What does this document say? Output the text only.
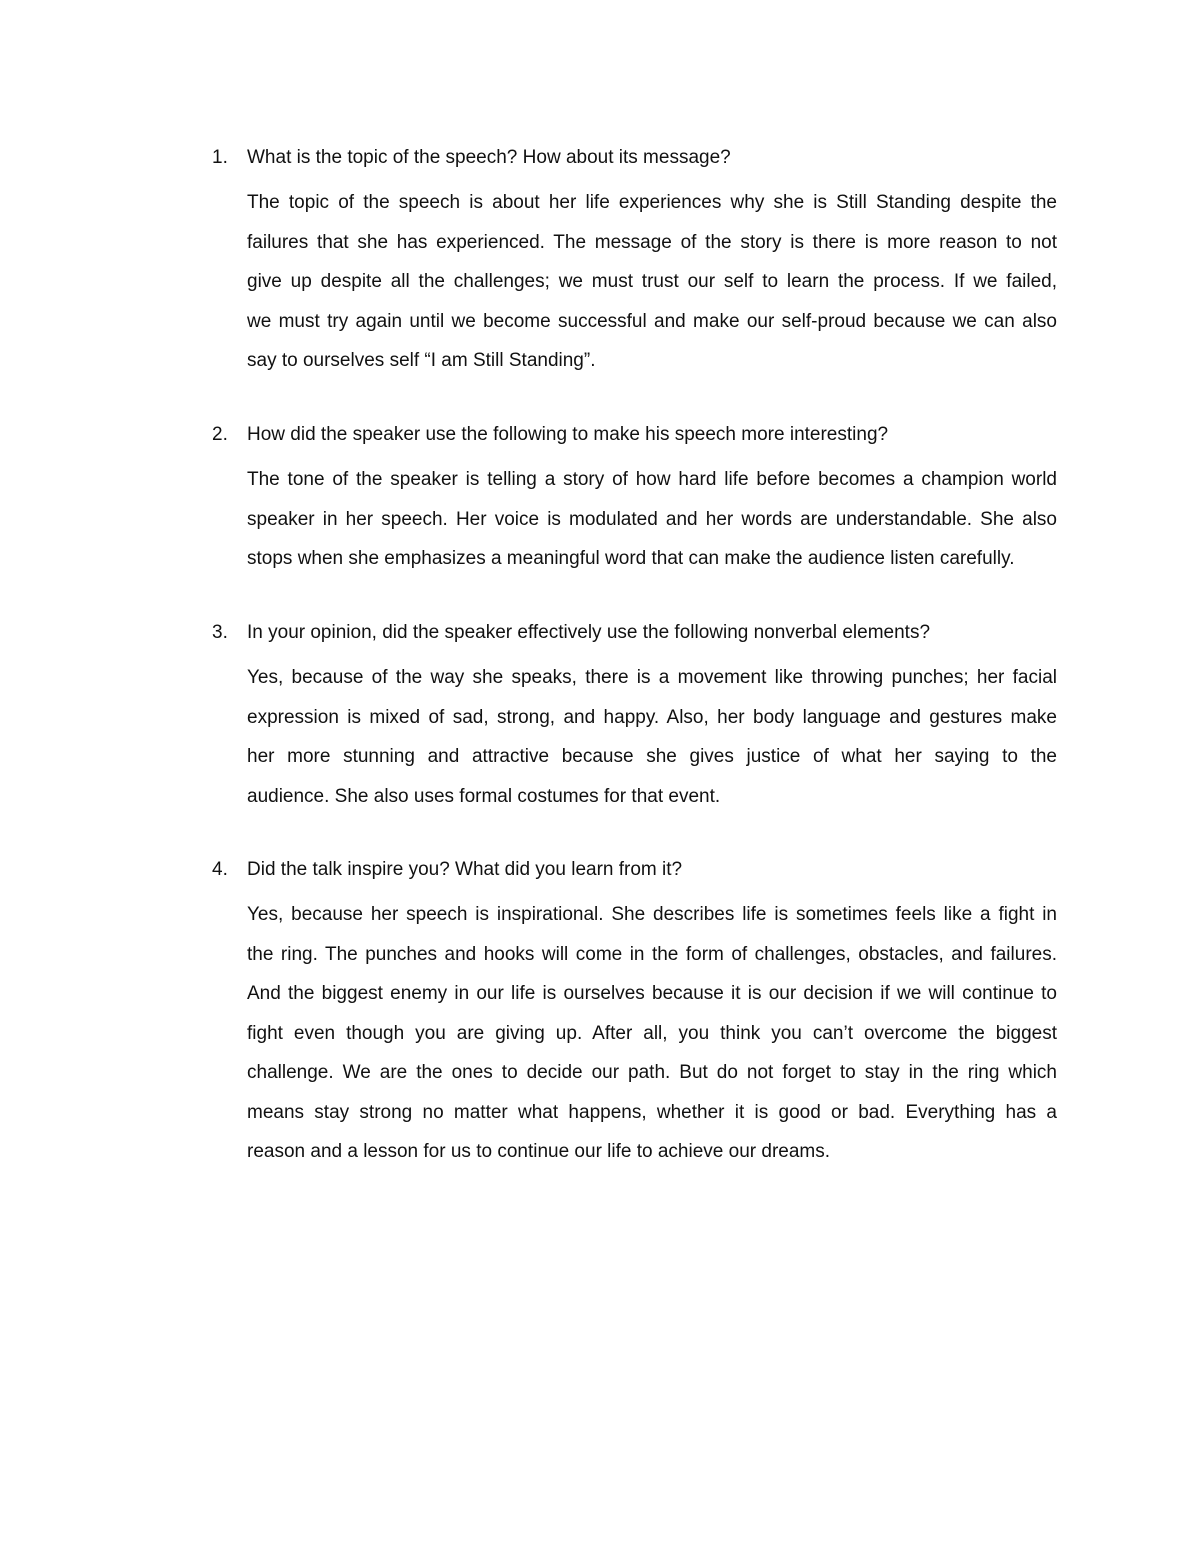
1. What is the topic of the speech? How about its message?
The topic of the speech is about her life experiences why she is Still Standing despite the
failures that she has experienced. The message of the story is there is more reason to not
give up despite all the challenges; we must trust our self to learn the process. If we failed,
we must try again until we become successful and make our self-proud because we can also
say to ourselves self “I am Still Standing”.
2. How did the speaker use the following to make his speech more interesting?
The tone of the speaker is telling a story of how hard life before becomes a champion world
speaker in her speech. Her voice is modulated and her words are understandable. She also
stops when she emphasizes a meaningful word that can make the audience listen carefully.
3. In your opinion, did the speaker effectively use the following nonverbal elements?
Yes, because of the way she speaks, there is a movement like throwing punches; her facial
expression is mixed of sad, strong, and happy. Also, her body language and gestures make
her more stunning and attractive because she gives justice of what her saying to the
audience. She also uses formal costumes for that event.
4. Did the talk inspire you? What did you learn from it?
Yes, because her speech is inspirational. She describes life is sometimes feels like a fight in
the ring. The punches and hooks will come in the form of challenges, obstacles, and failures.
And the biggest enemy in our life is ourselves because it is our decision if we will continue to
fight even though you are giving up. After all, you think you can’t overcome the biggest
challenge. We are the ones to decide our path. But do not forget to stay in the ring which
means stay strong no matter what happens, whether it is good or bad. Everything has a
reason and a lesson for us to continue our life to achieve our dreams.
